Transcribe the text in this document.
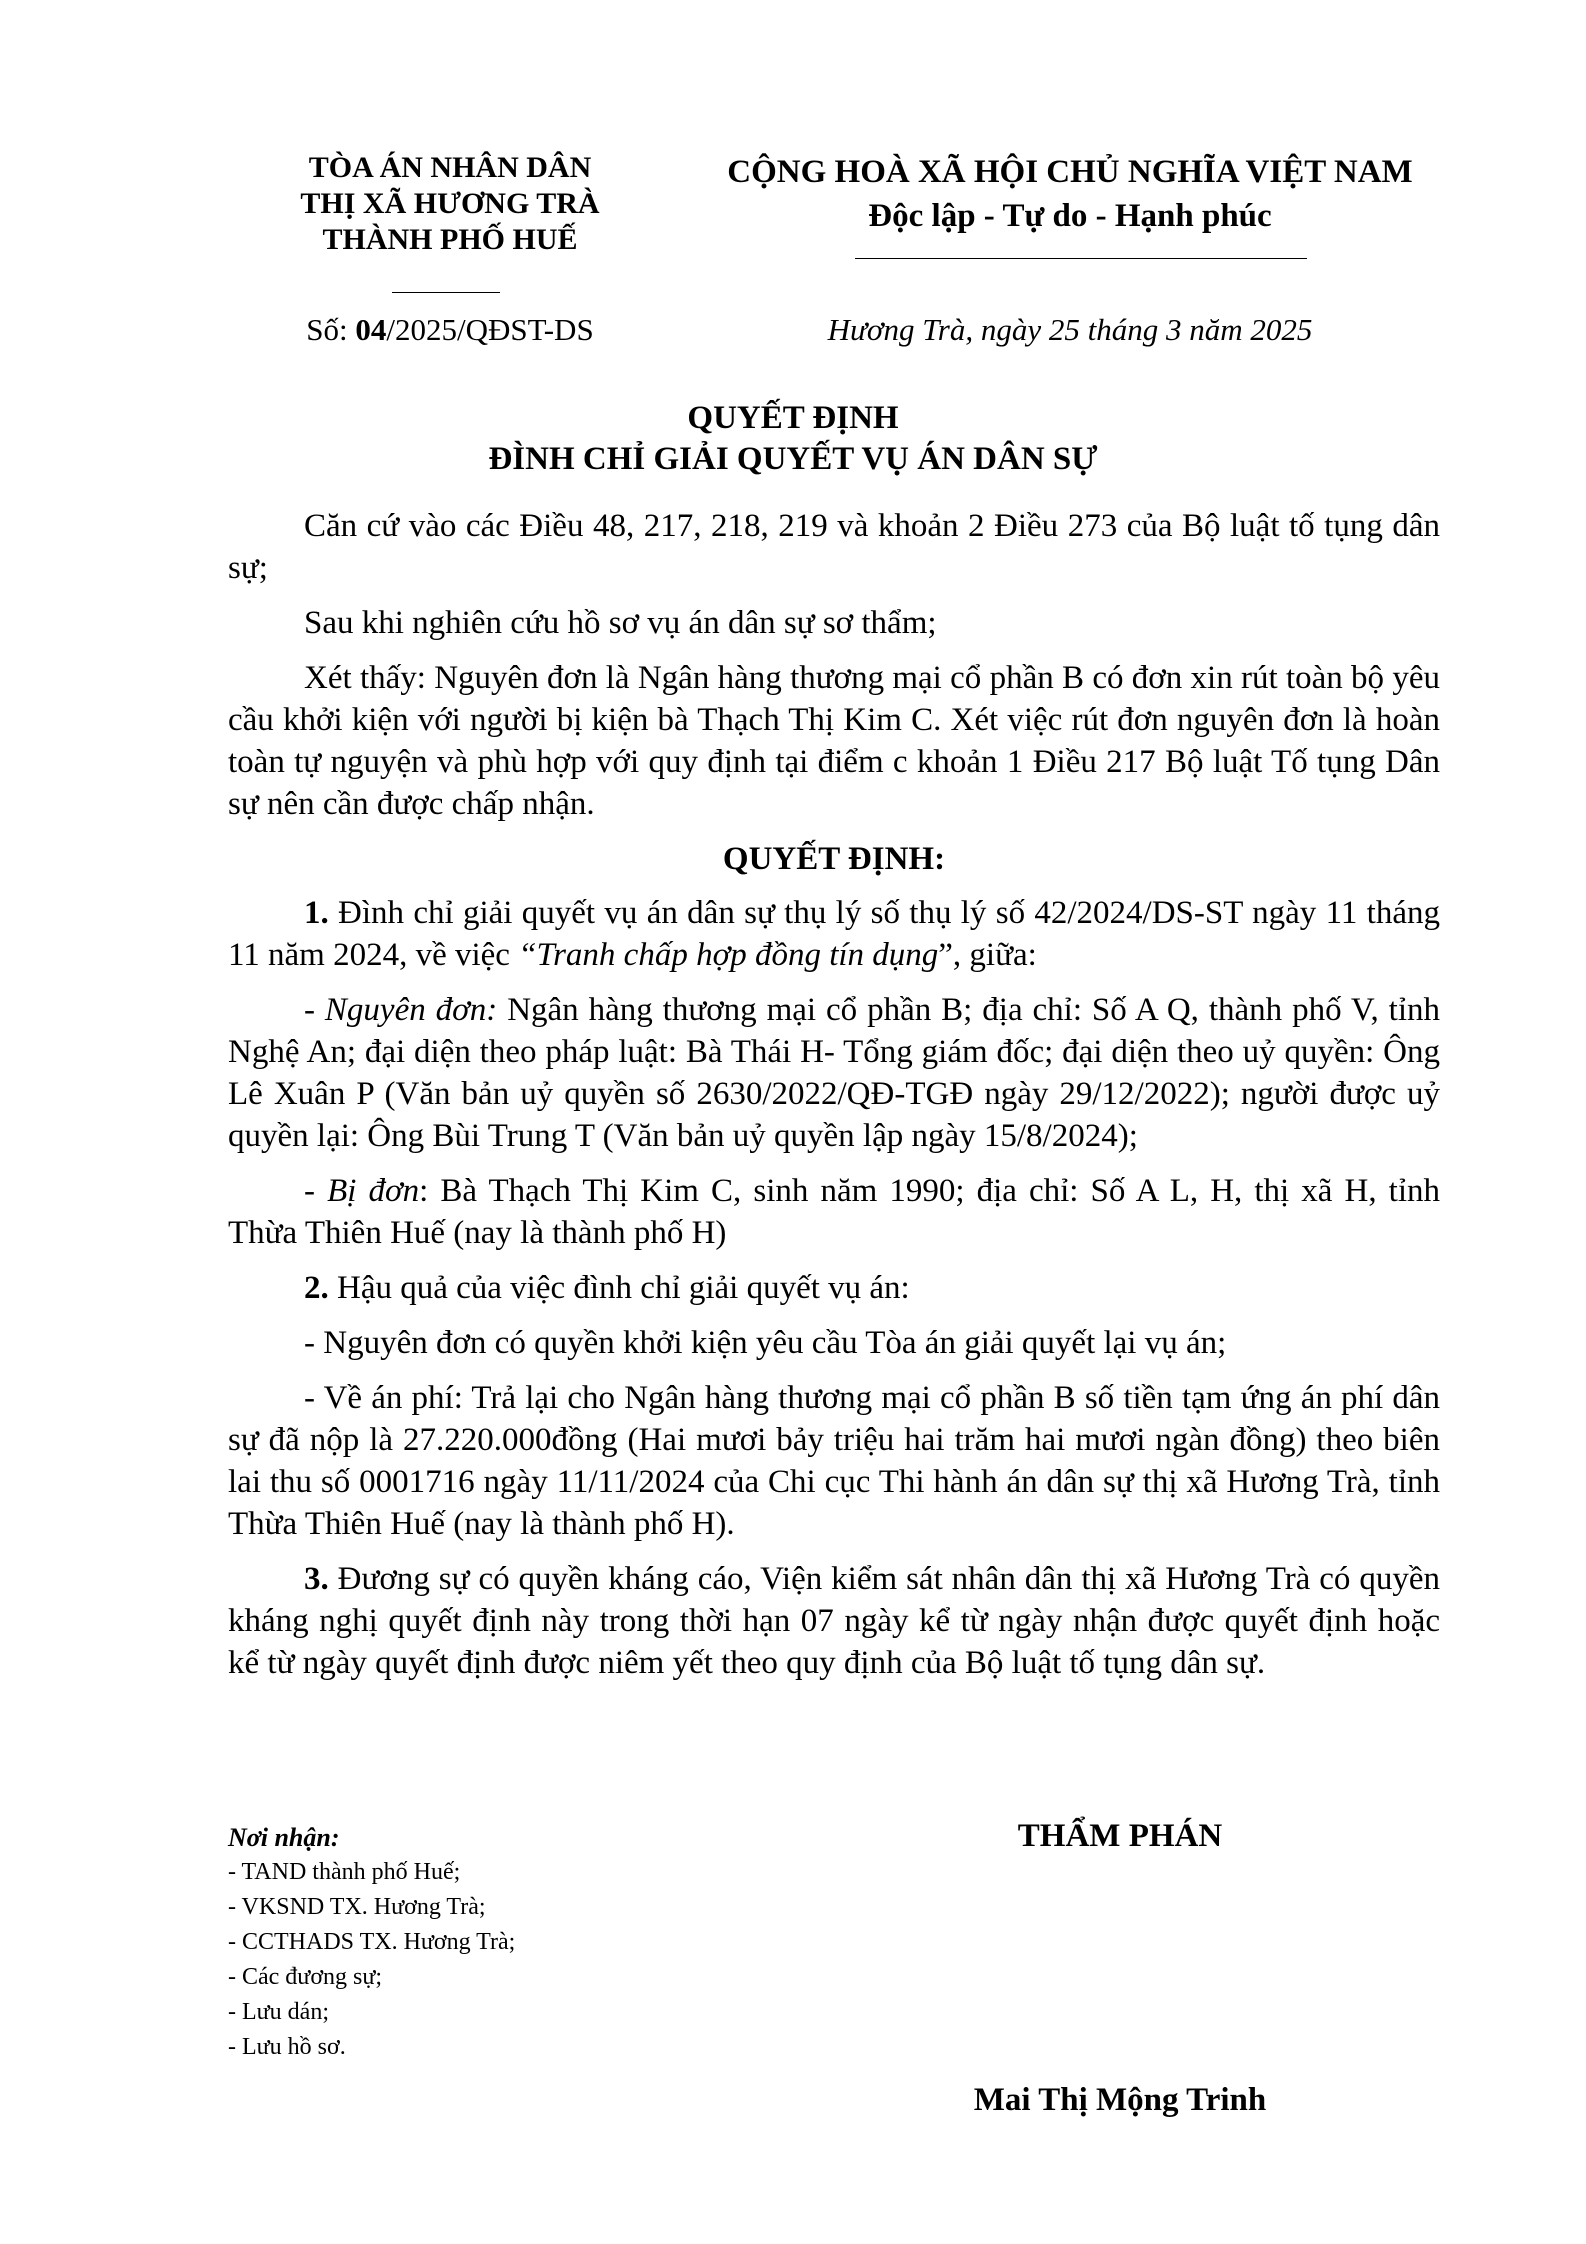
TÒA ÁN NHÂN DÂN
THỊ XÃ HƯƠNG TRÀ
THÀNH PHỐ HUẾ
CỘNG HOÀ XÃ HỘI CHỦ NGHĨA VIỆT NAM
Độc lập - Tự do - Hạnh phúc
Số: 04/2025/QĐST-DS	Hương Trà, ngày 25 tháng 3 năm 2025
QUYẾT ĐỊNH
ĐÌNH CHỈ GIẢI QUYẾT VỤ ÁN DÂN SỰ

Căn cứ vào các Điều 48, 217, 218, 219 và khoản 2 Điều 273 của Bộ luật tố tụng dân sự;

Sau khi nghiên cứu hồ sơ vụ án dân sự sơ thẩm;

Xét thấy: Nguyên đơn là Ngân hàng thương mại cổ phần B có đơn xin rút toàn bộ yêu cầu khởi kiện với người bị kiện bà Thạch Thị Kim C. Xét việc rút đơn nguyên đơn là hoàn toàn tự nguyện và phù hợp với quy định tại điểm c khoản 1 Điều 217 Bộ luật Tố tụng Dân sự nên cần được chấp nhận.

QUYẾT ĐỊNH:

1. Đình chỉ giải quyết vụ án dân sự thụ lý số thụ lý số 42/2024/DS-ST ngày 11 tháng 11 năm 2024, về việc “Tranh chấp hợp đồng tín dụng”, giữa:

- Nguyên đơn: Ngân hàng thương mại cổ phần B; địa chỉ: Số A Q, thành phố V, tỉnh Nghệ An; đại diện theo pháp luật: Bà Thái H- Tổng giám đốc; đại diện theo uỷ quyền: Ông Lê Xuân P (Văn bản uỷ quyền số 2630/2022/QĐ-TGĐ ngày 29/12/2022); người được uỷ quyền lại: Ông Bùi Trung T (Văn bản uỷ quyền lập ngày 15/8/2024);

- Bị đơn: Bà Thạch Thị Kim C, sinh năm 1990; địa chỉ: Số A L, H, thị xã H, tỉnh Thừa Thiên Huế (nay là thành phố H)

2. Hậu quả của việc đình chỉ giải quyết vụ án:

- Nguyên đơn có quyền khởi kiện yêu cầu Tòa án giải quyết lại vụ án;

- Về án phí: Trả lại cho Ngân hàng thương mại cổ phần B số tiền tạm ứng án phí dân sự đã nộp là 27.220.000đồng (Hai mươi bảy triệu hai trăm hai mươi ngàn đồng) theo biên lai thu số 0001716 ngày 11/11/2024 của Chi cục Thi hành án dân sự thị xã Hương Trà, tỉnh Thừa Thiên Huế (nay là thành phố H).

3. Đương sự có quyền kháng cáo, Viện kiểm sát nhân dân thị xã Hương Trà có quyền kháng nghị quyết định này trong thời hạn 07 ngày kể từ ngày nhận được quyết định hoặc kể từ ngày quyết định được niêm yết theo quy định của Bộ luật tố tụng dân sự.

Nơi nhận:
- TAND thành phố Huế;
- VKSND TX. Hương Trà;
- CCTHADS TX. Hương Trà;
- Các đương sự;
- Lưu dán;
- Lưu hồ sơ.
THẨM PHÁN
Mai Thị Mộng Trinh
